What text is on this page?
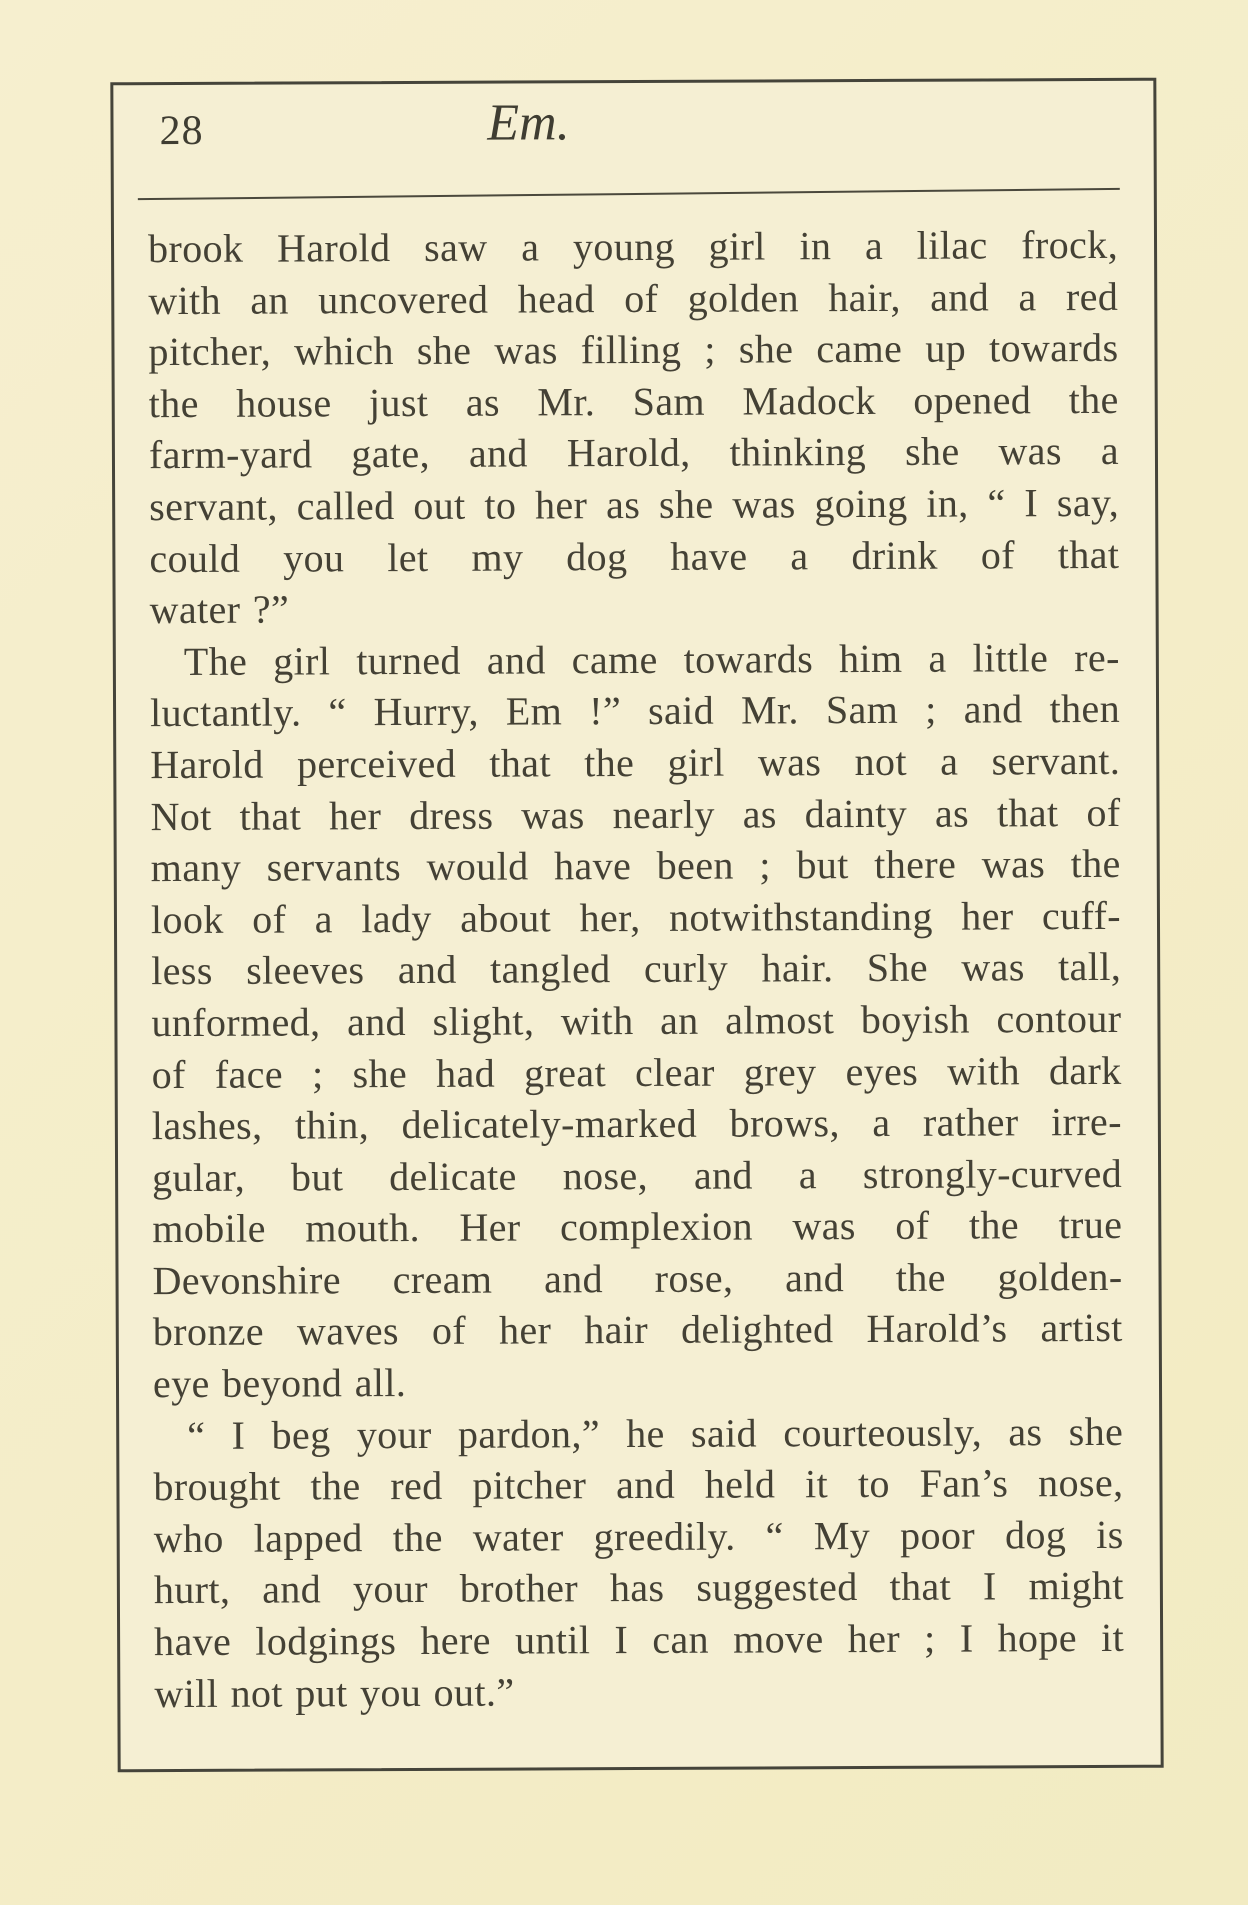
28	Em.
brook Harold saw a young girl in a lilac frock,
with an uncovered head of golden hair, and a red
pitcher, which she was filling ; she came up towards
the house just as Mr. Sam Madock opened the
farm-yard gate, and Harold, thinking she was a
servant, called out to her as she was going in, “ I say,
could you let my dog have a drink of that
water ?”
The girl turned and came towards him a little re-
luctantly. “ Hurry, Em !” said Mr. Sam ; and then
Harold perceived that the girl was not a servant.
Not that her dress was nearly as dainty as that of
many servants would have been ; but there was the
look of a lady about her, notwithstanding her cuff-
less sleeves and tangled curly hair. She was tall,
unformed, and slight, with an almost boyish contour
of face ; she had great clear grey eyes with dark
lashes, thin, delicately-marked brows, a rather irre-
gular, but delicate nose, and a strongly-curved
mobile mouth. Her complexion was of the true
Devonshire cream and rose, and the golden-
bronze waves of her hair delighted Harold’s artist
eye beyond all.
“ I beg your pardon,” he said courteously, as she
brought the red pitcher and held it to Fan’s nose,
who lapped the water greedily. “ My poor dog is
hurt, and your brother has suggested that I might
have lodgings here until I can move her ; I hope it
will not put you out.”
